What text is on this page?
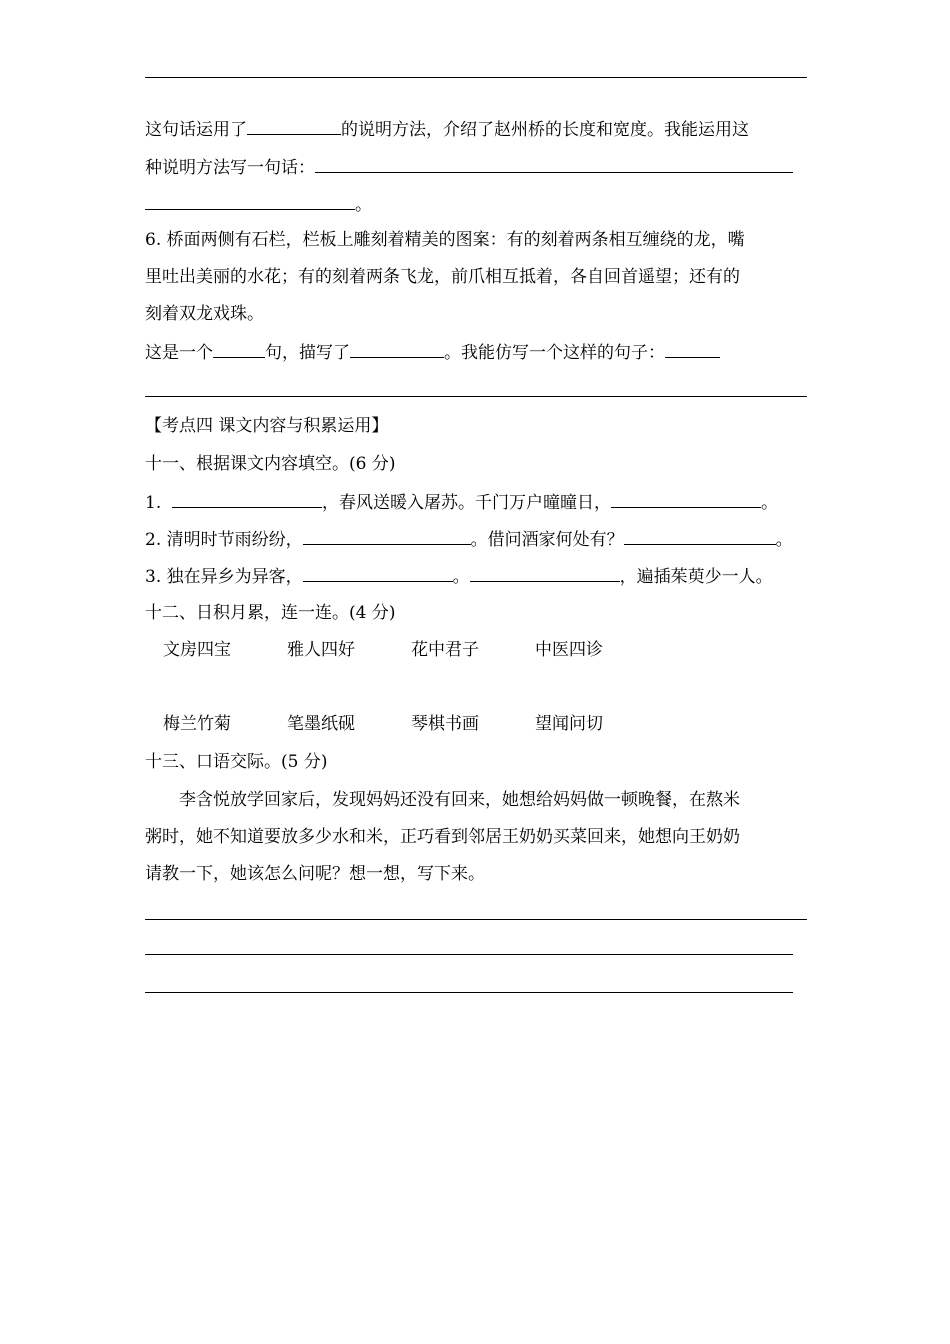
这句话运用了	的说明方法，介绍了赵州桥的长度和宽度。我能运用这
种说明方法写一句话：
。
6. 桥面两侧有石栏，栏板上雕刻着精美的图案：有的刻着两条相互缠绕的龙，嘴
里吐出美丽的水花；有的刻着两条飞龙，前爪相互抵着，各自回首遥望；还有的
刻着双龙戏珠。
这是一个	句，描写了	。我能仿写一个这样的句子：
【考点四 课文内容与积累运用】
十一、根据课文内容填空。(6 分)
1.	，春风送暖入屠苏。千门万户曈曈日，	。
2. 清明时节雨纷纷，	。借问酒家何处有？	。
3. 独在异乡为异客，	。	，遍插茱萸少一人。
十二、日积月累，连一连。(4 分)
文房四宝	雅人四好	花中君子	中医四诊
梅兰竹菊	笔墨纸砚	琴棋书画	望闻问切
十三、口语交际。(5 分)
李含悦放学回家后，发现妈妈还没有回来，她想给妈妈做一顿晚餐，在熬米
粥时，她不知道要放多少水和米，正巧看到邻居王奶奶买菜回来，她想向王奶奶
请教一下，她该怎么问呢？想一想，写下来。
